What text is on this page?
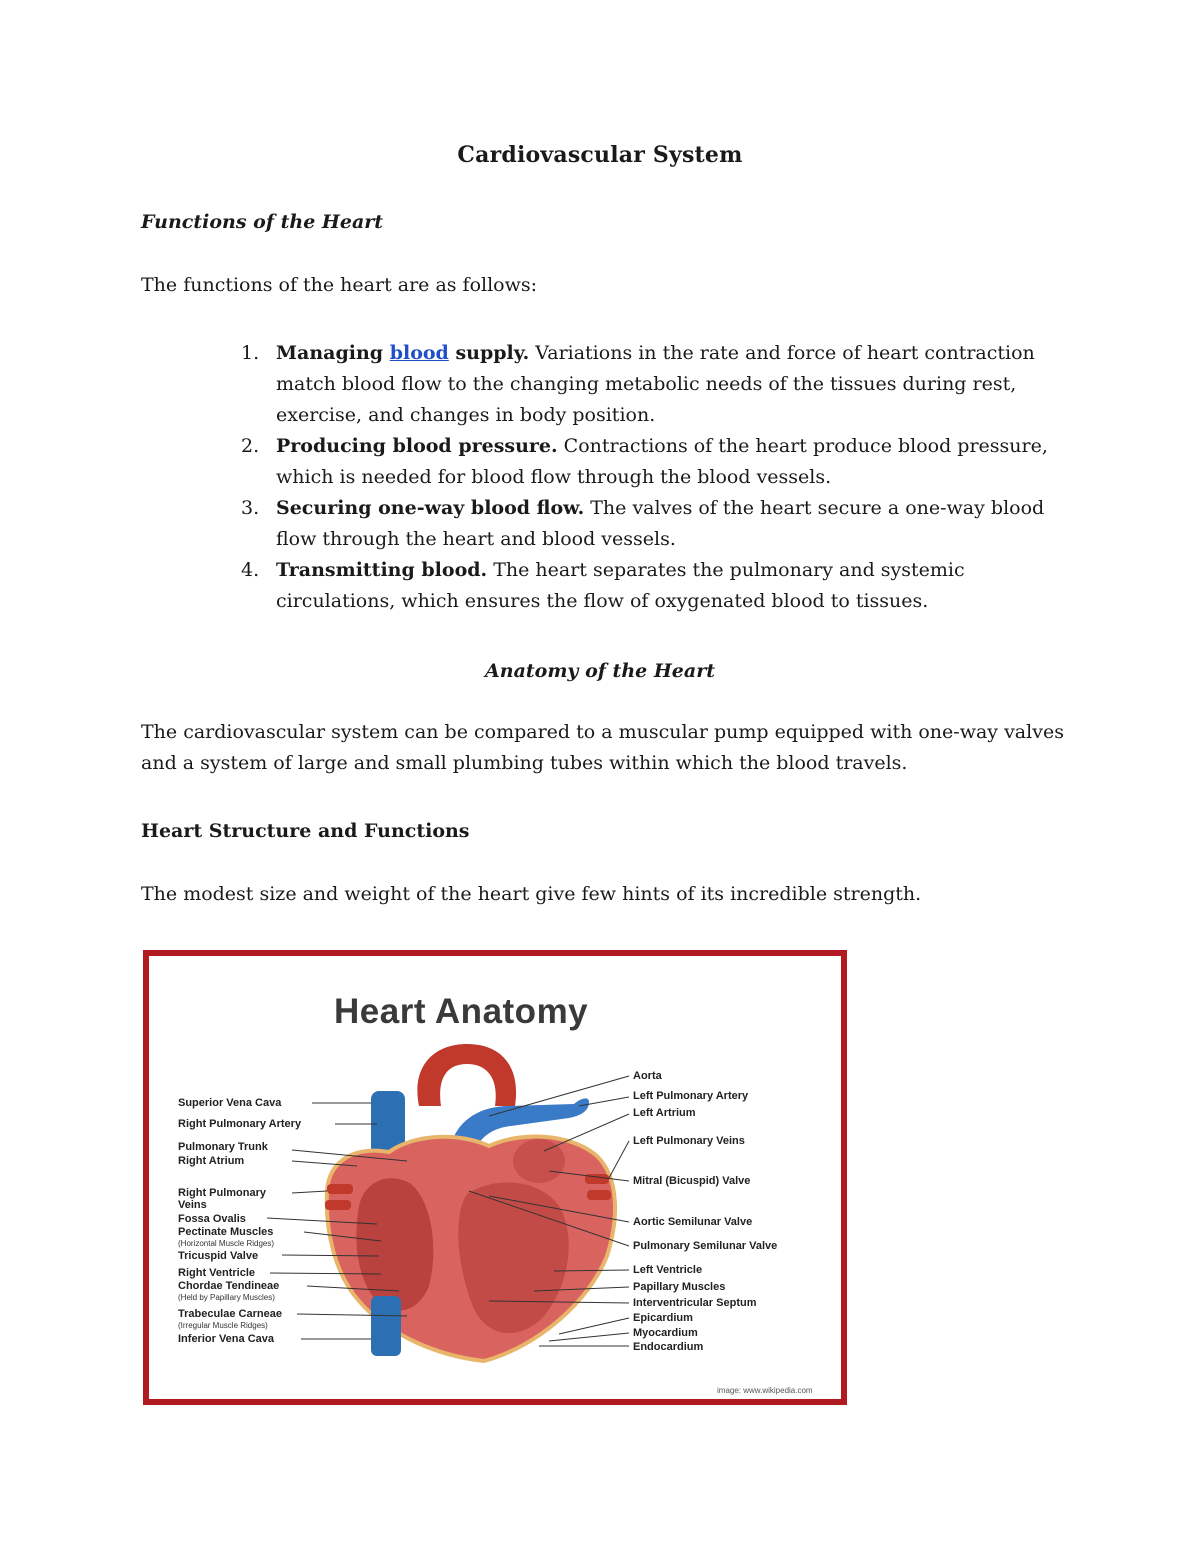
Cardiovascular System
Functions of the Heart
The functions of the heart are as follows:
1. Managing blood supply. Variations in the rate and force of heart contraction match blood flow to the changing metabolic needs of the tissues during rest, exercise, and changes in body position.
2. Producing blood pressure. Contractions of the heart produce blood pressure, which is needed for blood flow through the blood vessels.
3. Securing one-way blood flow. The valves of the heart secure a one-way blood flow through the heart and blood vessels.
4. Transmitting blood. The heart separates the pulmonary and systemic circulations, which ensures the flow of oxygenated blood to tissues.
Anatomy of the Heart
The cardiovascular system can be compared to a muscular pump equipped with one-way valves and a system of large and small plumbing tubes within which the blood travels.
Heart Structure and Functions
The modest size and weight of the heart give few hints of its incredible strength.
Heart Anatomy
Superior Vena Cava
Right Pulmonary Artery
Pulmonary Trunk
Right Atrium
Right Pulmonary
Veins
Fossa Ovalis
Pectinate Muscles
(Horizontal Muscle Ridges)
Tricuspid Valve
Right Ventricle
Chordae Tendineae
(Held by Papillary Muscles)
Trabeculae Carneae
(Irregular Muscle Ridges)
Inferior Vena Cava
Aorta
Left Pulmonary Artery
Left Artrium
Left Pulmonary Veins
Mitral (Bicuspid) Valve
Aortic Semilunar Valve
Pulmonary Semilunar Valve
Left Ventricle
Papillary Muscles
Interventricular Septum
Epicardium
Myocardium
Endocardium
image: www.wikipedia.com
